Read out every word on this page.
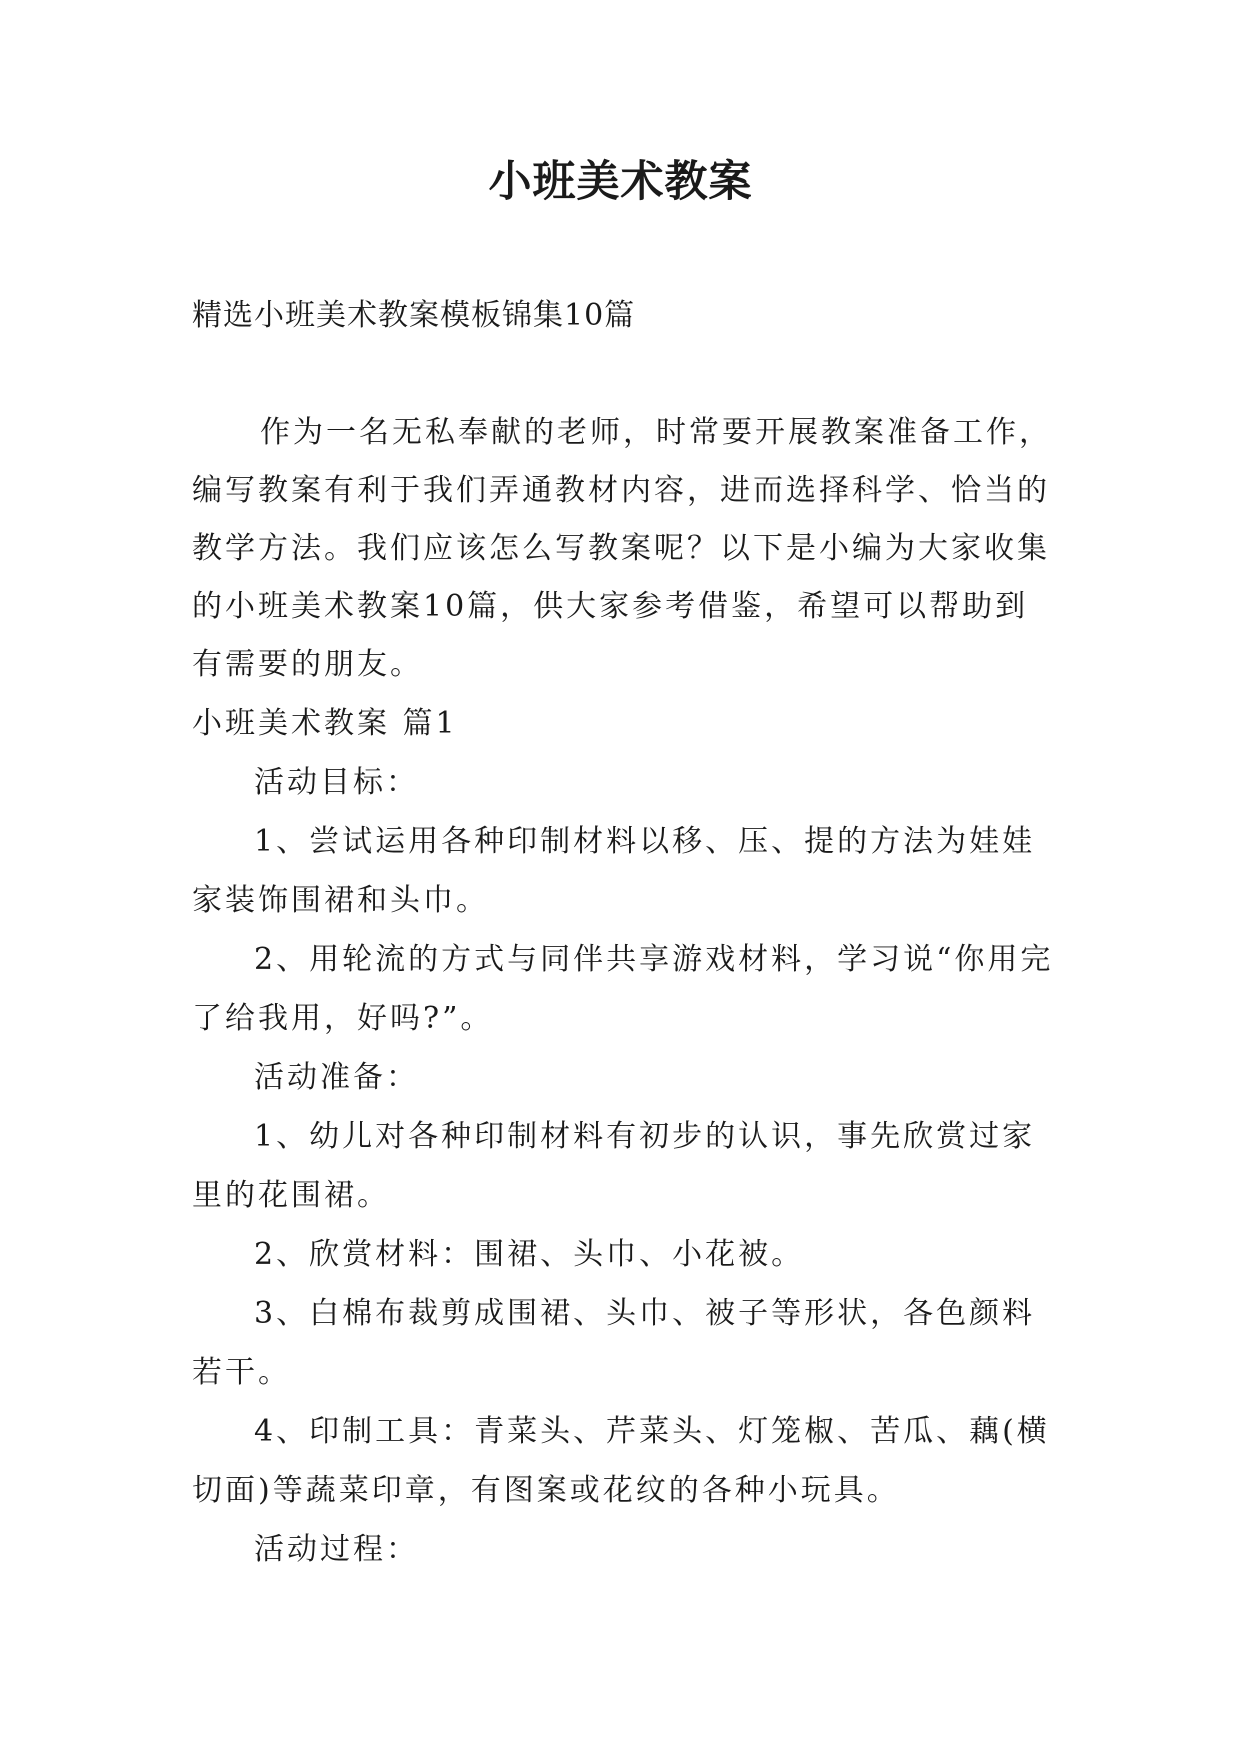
小班美术教案
精选小班美术教案模板锦集10篇

作为一名无私奉献的老师，时常要开展教案准备工作，编写教案有利于我们弄通教材内容，进而选择科学、恰当的教学方法。我们应该怎么写教案呢？以下是小编为大家收集的小班美术教案10篇，供大家参考借鉴，希望可以帮助到有需要的朋友。

小班美术教案 篇1

活动目标：

1、尝试运用各种印制材料以移、压、提的方法为娃娃家装饰围裙和头巾。

2、用轮流的方式与同伴共享游戏材料，学习说“你用完了给我用，好吗?”。

活动准备：

1、幼儿对各种印制材料有初步的认识，事先欣赏过家里的花围裙。

2、欣赏材料：围裙、头巾、小花被。

3、白棉布裁剪成围裙、头巾、被子等形状，各色颜料若干。

4、印制工具：青菜头、芹菜头、灯笼椒、苦瓜、藕(横切面)等蔬菜印章，有图案或花纹的各种小玩具。

活动过程：
